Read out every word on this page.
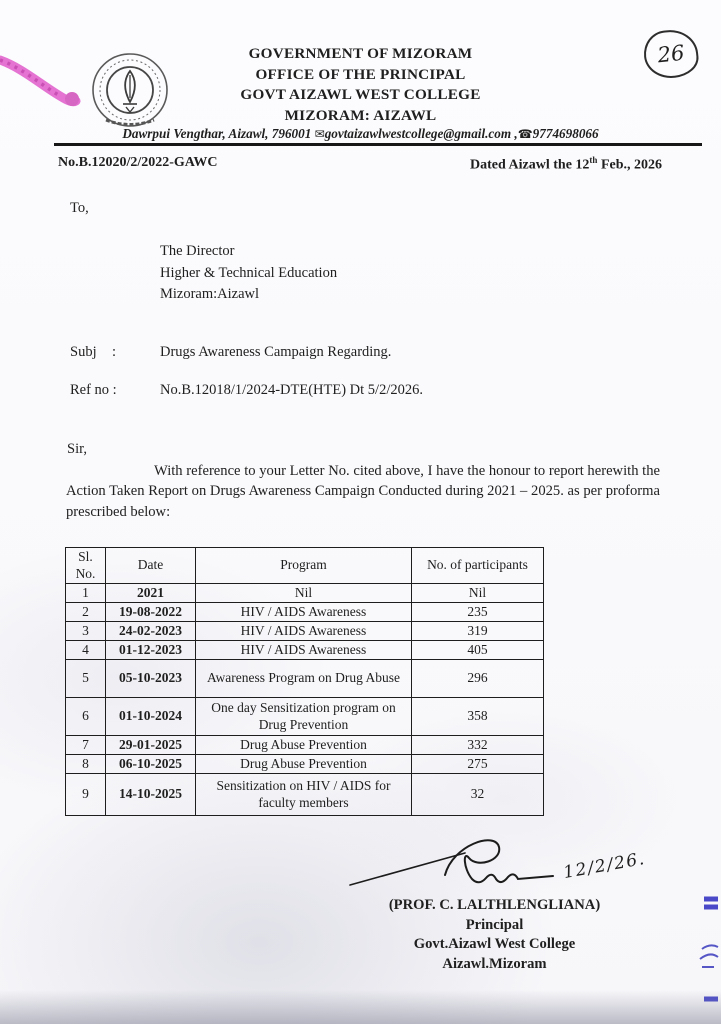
26
GOVERNMENT OF MIZORAM
OFFICE OF THE PRINCIPAL
GOVT AIZAWL WEST COLLEGE
MIZORAM: AIZAWL
Dawrpui Vengthar, Aizawl, 796001 ✉govtaizawlwestcollege@gmail.com ,☎9774698066
No.B.12020/2/2022-GAWC	Dated Aizawl the 12th Feb., 2026
To,
The Director
Higher & Technical Education
Mizoram:Aizawl
Subj :	Drugs Awareness Campaign Regarding.
Ref no :	No.B.12018/1/2024-DTE(HTE) Dt 5/2/2026.
Sir,

With reference to your Letter No. cited above, I have the honour to report herewith the Action Taken Report on Drugs Awareness Campaign Conducted during 2021 – 2025. as per proforma prescribed below:

Sl. No.	Date	Program	No. of participants
1	2021	Nil	Nil
2	19-08-2022	HIV / AIDS Awareness	235
3	24-02-2023	HIV / AIDS Awareness	319
4	01-12-2023	HIV / AIDS Awareness	405
5	05-10-2023	Awareness Program on Drug Abuse	296
6	01-10-2024	One day Sensitization program on Drug Prevention	358
7	29-01-2025	Drug Abuse Prevention	332
8	06-10-2025	Drug Abuse Prevention	275
9	14-10-2025	Sensitization on HIV / AIDS for faculty members	32
12/2/26.
(PROF. C. LALTHLENGLIANA)
Principal
Govt.Aizawl West College
Aizawl.Mizoram
